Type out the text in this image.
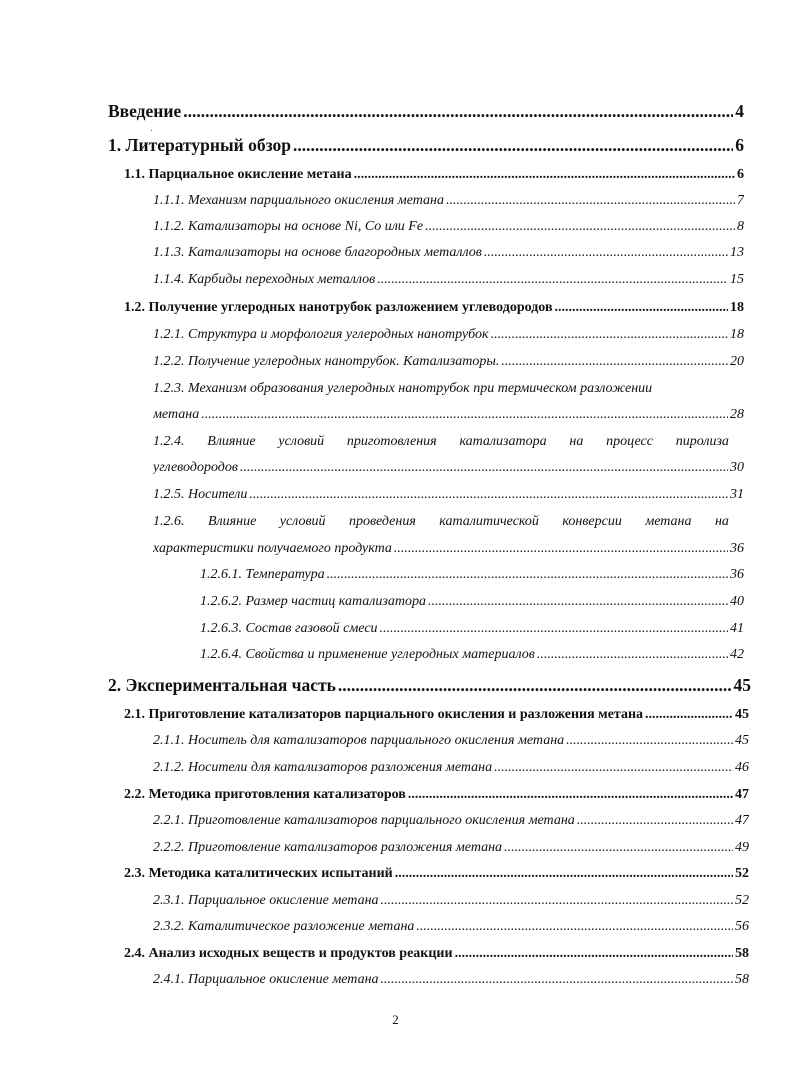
·
Введение .....	4
1. Литературный обзор .....	6
1.1. Парциальное окисление метана .....	6
1.1.1. Механизм парциального окисления метана .....	7
1.1.2. Катализаторы на основе Ni, Co или Fe .....	8
1.1.3. Катализаторы на основе благородных металлов .....	13
1.1.4. Карбиды переходных металлов .....	15
1.2. Получение углеродных нанотрубок разложением углеводородов .....	18
1.2.1. Структура и морфология углеродных нанотрубок .....	18
1.2.2. Получение углеродных нанотрубок. Катализаторы. .....	20
1.2.3. Механизм образования углеродных нанотрубок при термическом разложении
метана .....	28
1.2.4. Влияние условий приготовления катализатора на процесс пиролиза
углеводородов .....	30
1.2.5. Носители .....	31
1.2.6. Влияние условий проведения каталитической конверсии метана на
характеристики получаемого продукта .....	36
1.2.6.1. Температура .....	36
1.2.6.2. Размер частиц катализатора .....	40
1.2.6.3. Состав газовой смеси .....	41
1.2.6.4. Свойства и применение углеродных материалов .....	42
2. Экспериментальная часть .....	45
2.1. Приготовление катализаторов парциального окисления и разложения метана .....	45
2.1.1. Носитель для катализаторов парциального окисления метана .....	45
2.1.2. Носители для катализаторов разложения метана .....	46
2.2. Методика приготовления катализаторов .....	47
2.2.1. Приготовление катализаторов парциального окисления метана .....	47
2.2.2. Приготовление катализаторов разложения метана .....	49
2.3. Методика каталитических испытаний .....	52
2.3.1. Парциальное окисление метана .....	52
2.3.2. Каталитическое разложение метана .....	56
2.4. Анализ исходных веществ и продуктов реакции .....	58
2.4.1. Парциальное окисление метана .....	58
2
